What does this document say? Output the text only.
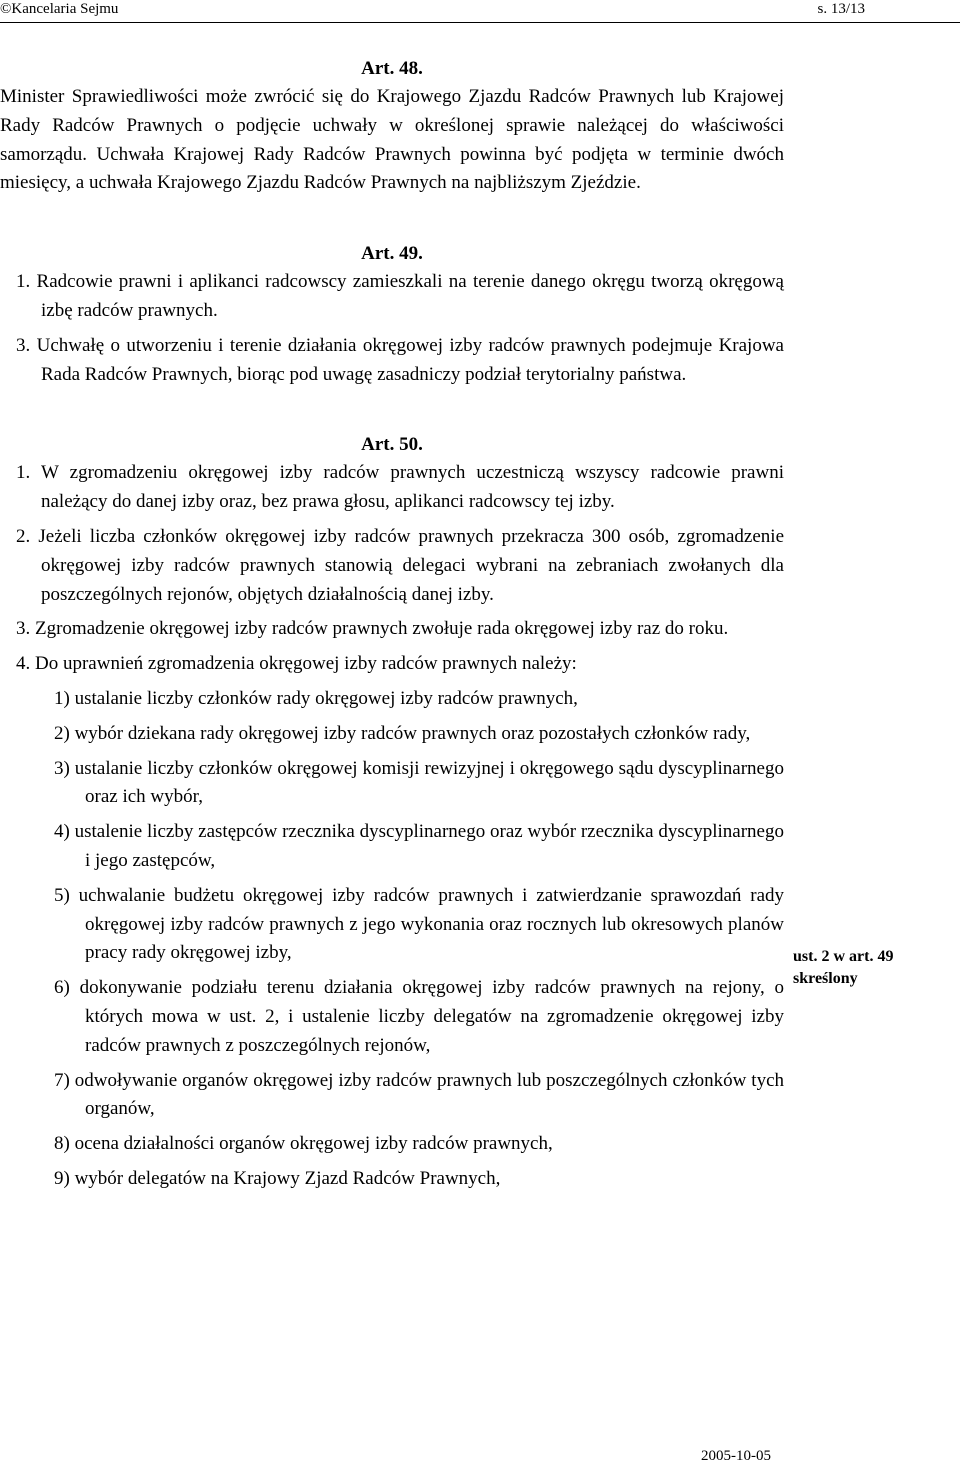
©Kancelaria Sejmu	s. 13/13

Art. 48.

Minister Sprawiedliwości może zwrócić się do Krajowego Zjazdu Radców Prawnych lub Krajowej Rady Radców Prawnych o podjęcie uchwały w określonej sprawie należącej do właściwości samorządu. Uchwała Krajowej Rady Radców Prawnych powinna być podjęta w terminie dwóch miesięcy, a uchwała Krajowego Zjazdu Radców Prawnych na najbliższym Zjeździe.

Art. 49.

1. Radcowie prawni i aplikanci radcowscy zamieszkali na terenie danego okręgu tworzą okręgową izbę radców prawnych.

3. Uchwałę o utworzeniu i terenie działania okręgowej izby radców prawnych podejmuje Krajowa Rada Radców Prawnych, biorąc pod uwagę zasadniczy podział terytorialny państwa.

Art. 50.

1. W zgromadzeniu okręgowej izby radców prawnych uczestniczą wszyscy radcowie prawni należący do danej izby oraz, bez prawa głosu, aplikanci radcowscy tej izby.

2. Jeżeli liczba członków okręgowej izby radców prawnych przekracza 300 osób, zgromadzenie okręgowej izby radców prawnych stanowią delegaci wybrani na zebraniach zwołanych dla poszczególnych rejonów, objętych działalnością danej izby.

3. Zgromadzenie okręgowej izby radców prawnych zwołuje rada okręgowej izby raz do roku.

4. Do uprawnień zgromadzenia okręgowej izby radców prawnych należy:

1) ustalanie liczby członków rady okręgowej izby radców prawnych,

2) wybór dziekana rady okręgowej izby radców prawnych oraz pozostałych członków rady,

3) ustalanie liczby członków okręgowej komisji rewizyjnej i okręgowego sądu dyscyplinarnego oraz ich wybór,

4) ustalenie liczby zastępców rzecznika dyscyplinarnego oraz wybór rzecznika dyscyplinarnego i jego zastępców,

5) uchwalanie budżetu okręgowej izby radców prawnych i zatwierdzanie sprawozdań rady okręgowej izby radców prawnych z jego wykonania oraz rocznych lub okresowych planów pracy rady okręgowej izby,

6) dokonywanie podziału terenu działania okręgowej izby radców prawnych na rejony, o których mowa w ust. 2, i ustalenie liczby delegatów na zgromadzenie okręgowej izby radców prawnych z poszczególnych rejonów,

7) odwoływanie organów okręgowej izby radców prawnych lub poszczególnych członków tych organów,

8) ocena działalności organów okręgowej izby radców prawnych,

9) wybór delegatów na Krajowy Zjazd Radców Prawnych,

ust. 2 w art. 49 skreślony
2005-10-05
